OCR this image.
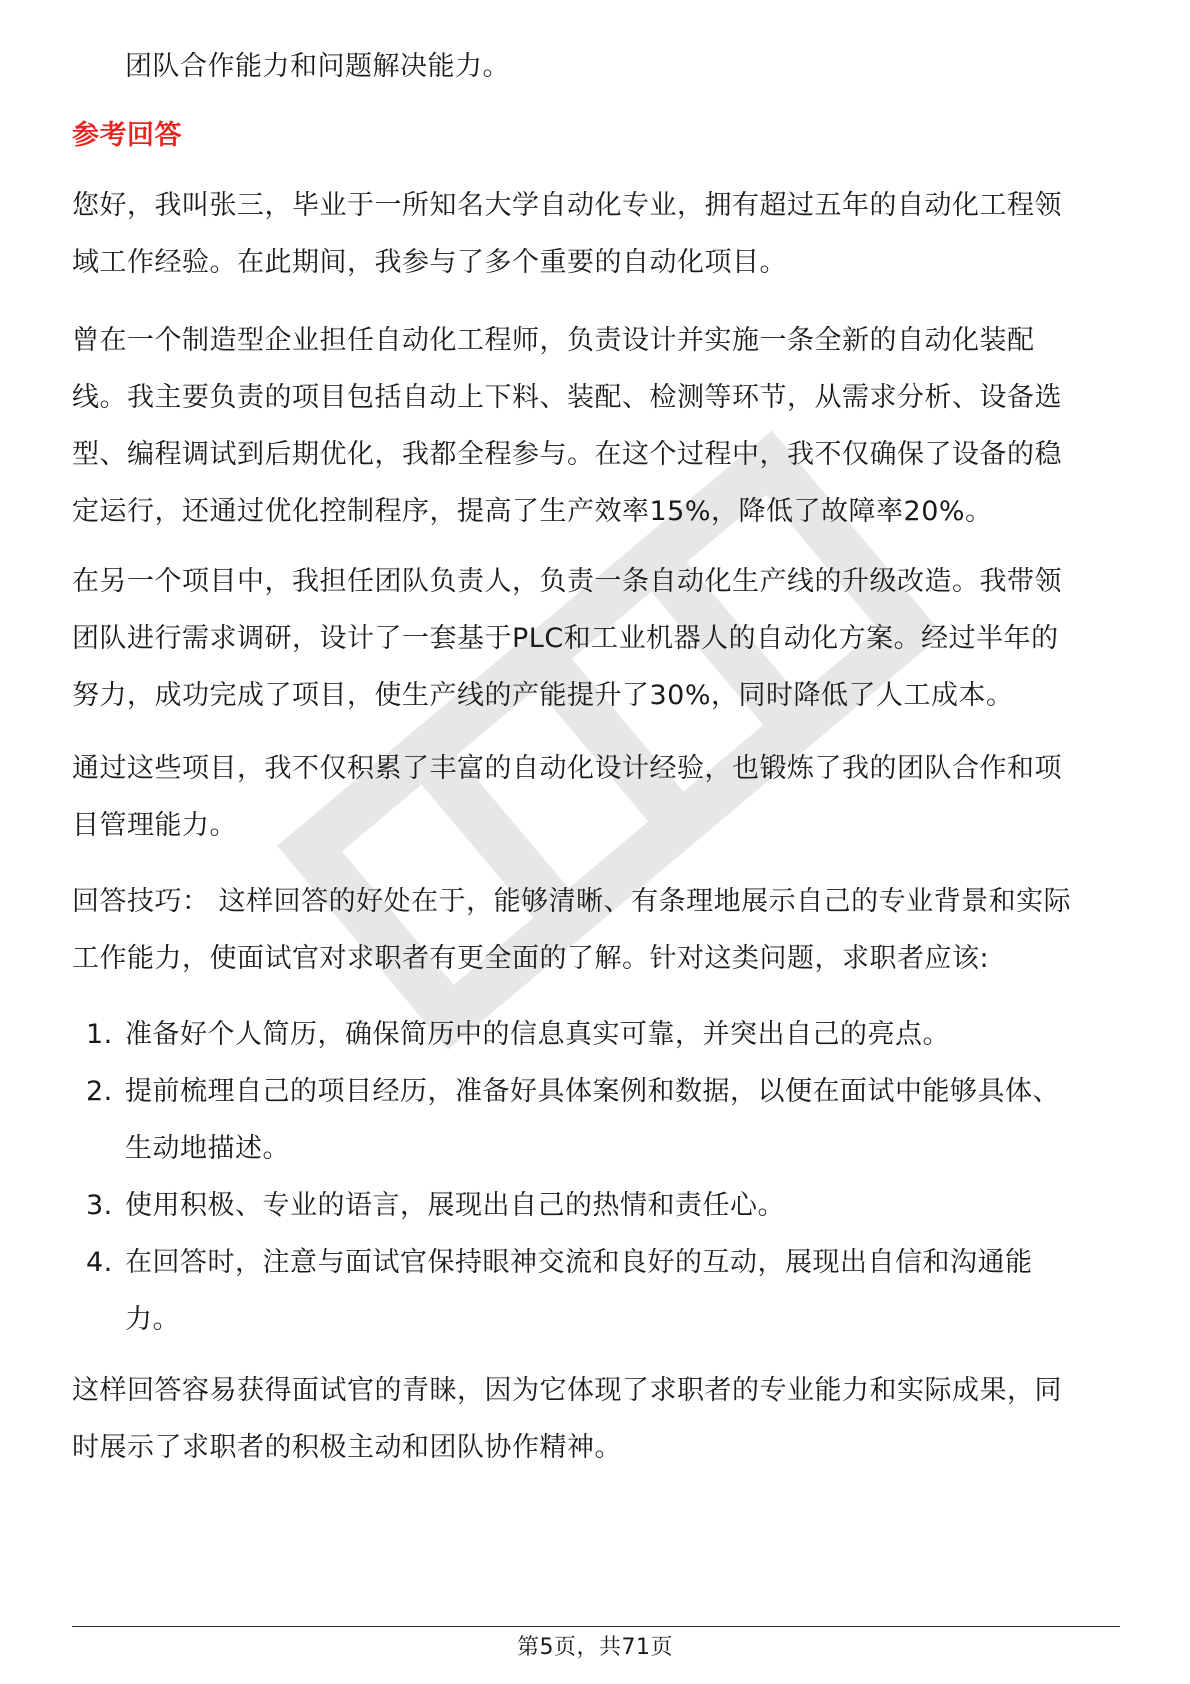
团队合作能力和问题解决能力。
参考回答
您好，我叫张三，毕业于一所知名大学自动化专业，拥有超过五年的自动化工程领
域工作经验。在此期间，我参与了多个重要的自动化项目。
曾在一个制造型企业担任自动化工程师，负责设计并实施一条全新的自动化装配
线。我主要负责的项目包括自动上下料、装配、检测等环节，从需求分析、设备选
型、编程调试到后期优化，我都全程参与。在这个过程中，我不仅确保了设备的稳
定运行，还通过优化控制程序，提高了生产效率15%，降低了故障率20%。
在另一个项目中，我担任团队负责人，负责一条自动化生产线的升级改造。我带领
团队进行需求调研，设计了一套基于PLC和工业机器人的自动化方案。经过半年的
努力，成功完成了项目，使生产线的产能提升了30%，同时降低了人工成本。
通过这些项目，我不仅积累了丰富的自动化设计经验，也锻炼了我的团队合作和项
目管理能力。
回答技巧： 这样回答的好处在于，能够清晰、有条理地展示自己的专业背景和实际
工作能力，使面试官对求职者有更全面的了解。针对这类问题，求职者应该:
1. 准备好个人简历，确保简历中的信息真实可靠，并突出自己的亮点。
2. 提前梳理自己的项目经历，准备好具体案例和数据，以便在面试中能够具体、
生动地描述。
3. 使用积极、专业的语言，展现出自己的热情和责任心。
4. 在回答时，注意与面试官保持眼神交流和良好的互动，展现出自信和沟通能
力。
这样回答容易获得面试官的青睐，因为它体现了求职者的专业能力和实际成果，同
时展示了求职者的积极主动和团队协作精神。
第5页，共71页
